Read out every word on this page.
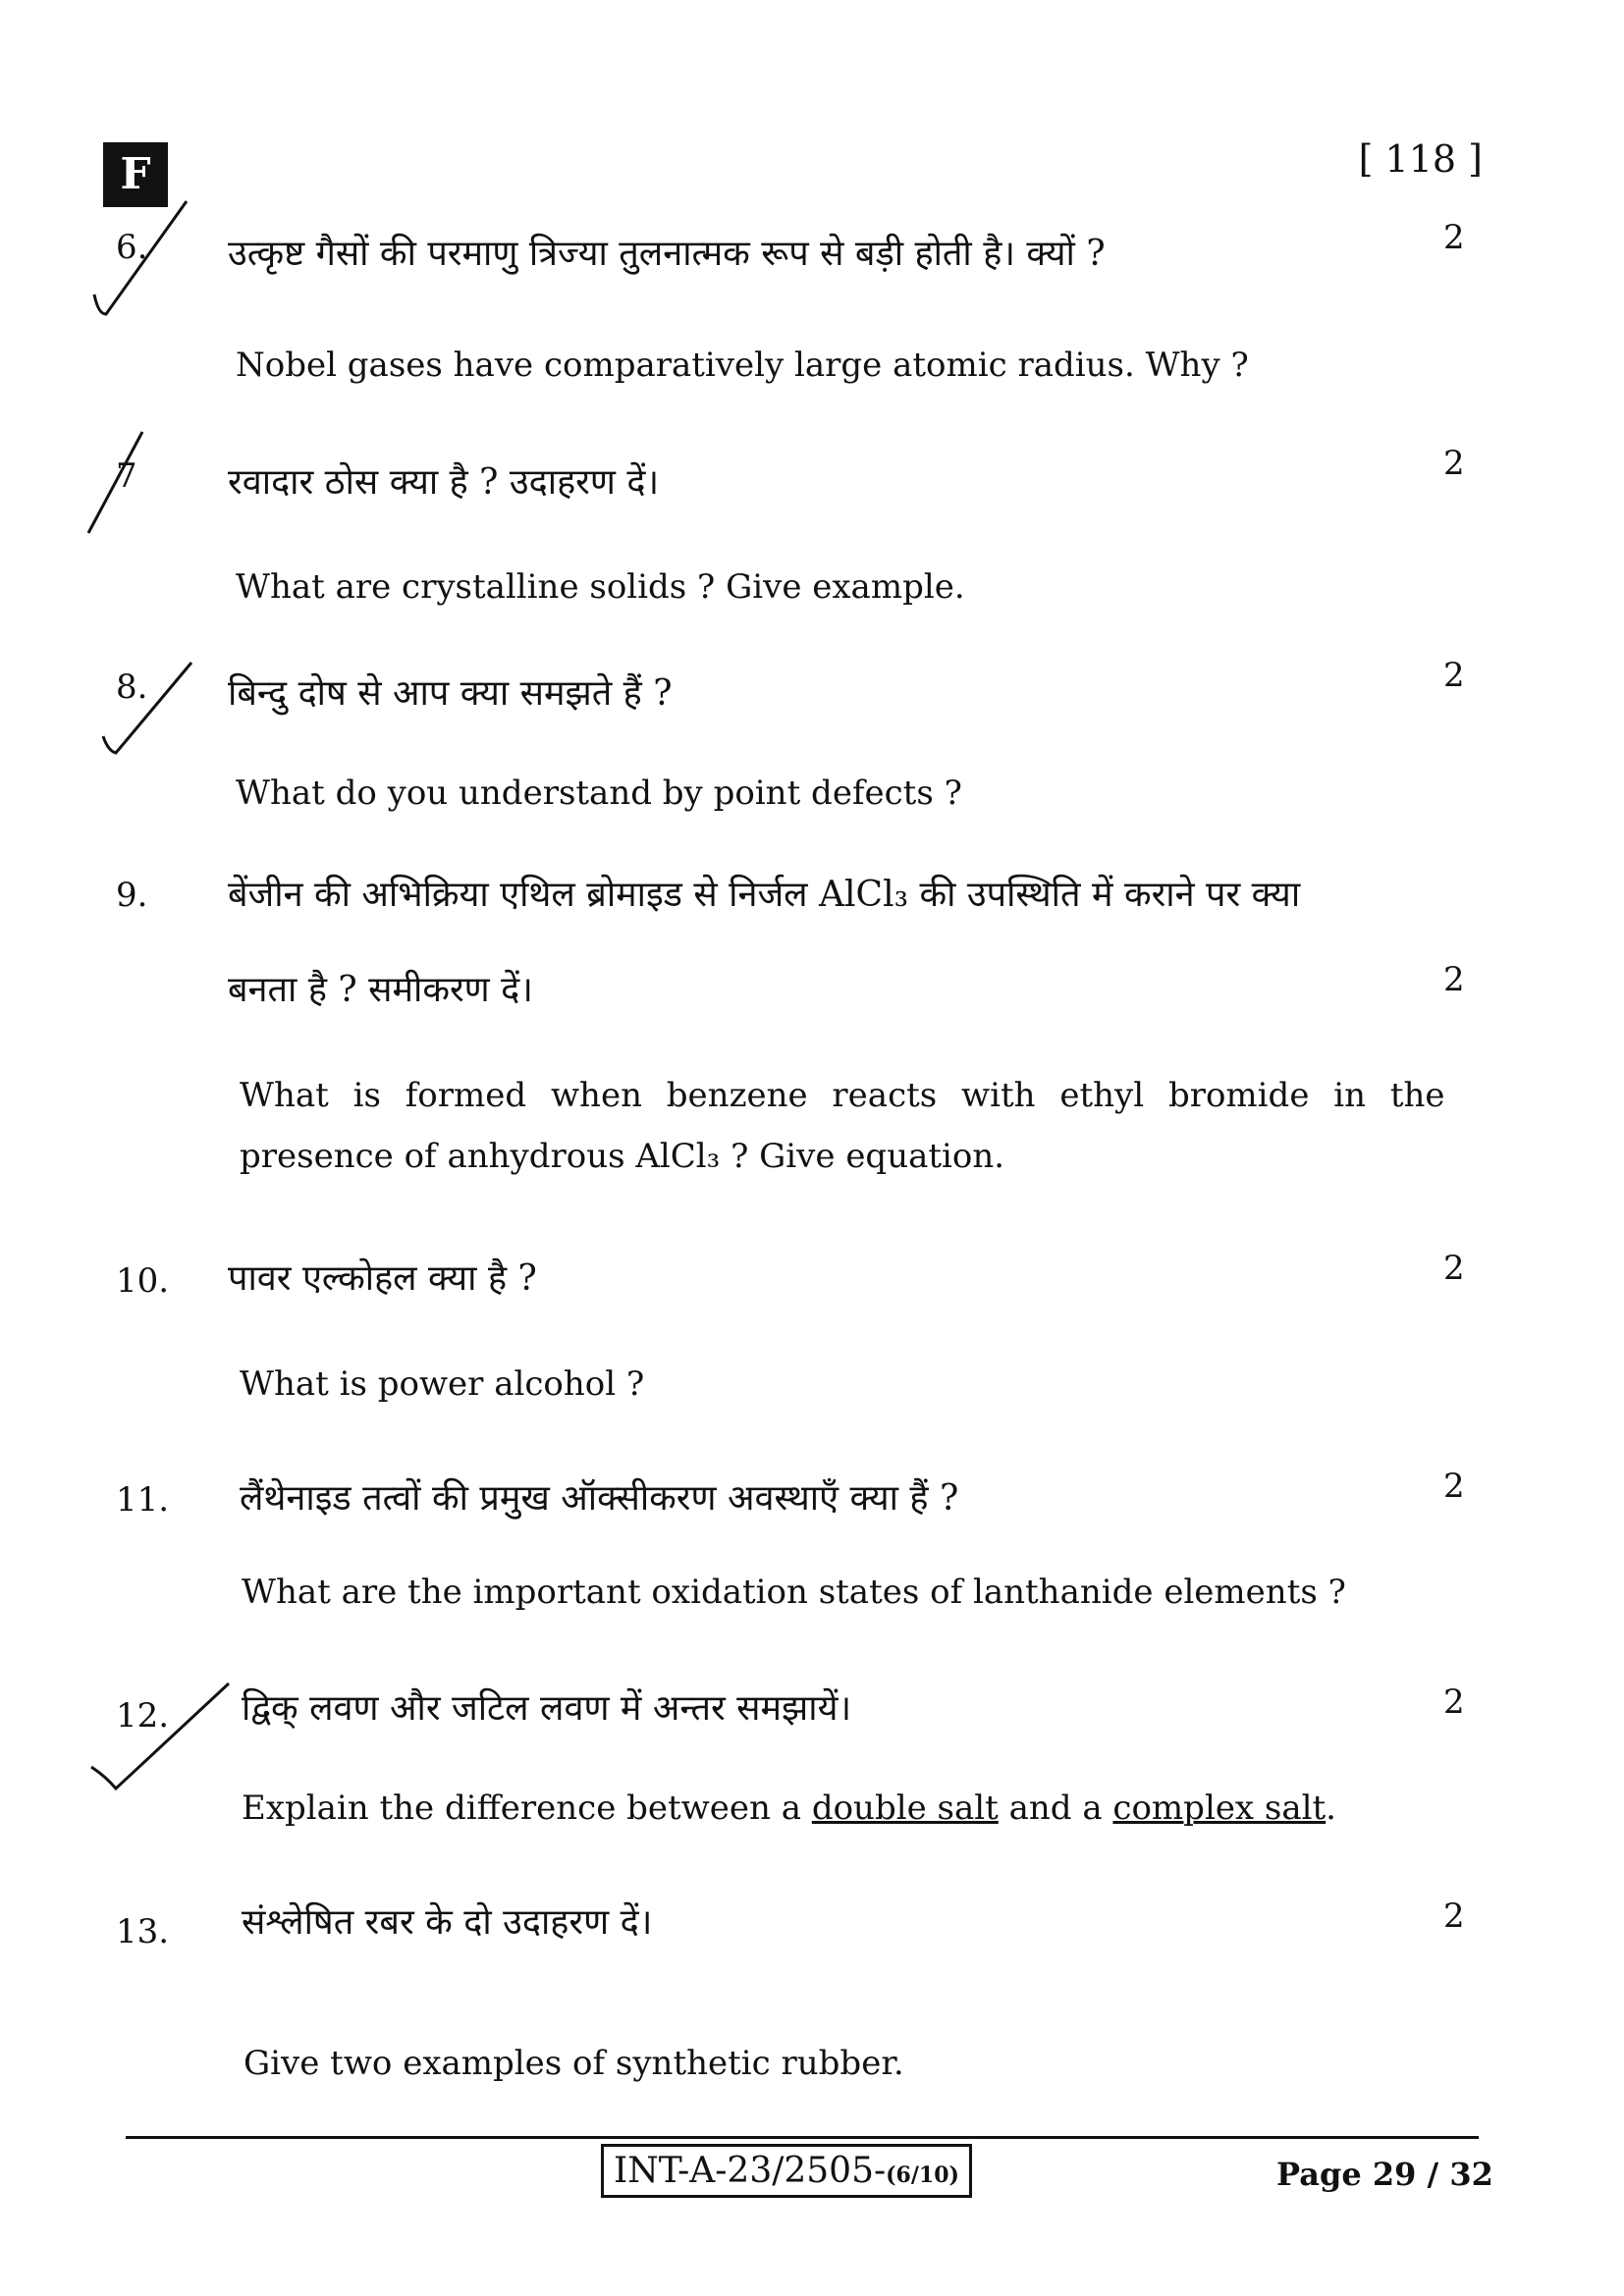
F	[ 118 ]
6. उत्कृष्ट गैसों की परमाणु त्रिज्या तुलनात्मक रूप से बड़ी होती है। क्यों ?	2
Nobel gases have comparatively large atomic radius. Why ?
7	रवादार ठोस क्या है ? उदाहरण दें।	2
What are crystalline solids ? Give example.
8. बिन्दु दोष से आप क्या समझते हैं ?	2
What do you understand by point defects ?
9. बेंजीन की अभिक्रिया एथिल ब्रोमाइड से निर्जल AlCl₃ की उपस्थिति में कराने पर क्या
बनता है ? समीकरण दें।	2
What is formed when benzene reacts with ethyl bromide in the
presence of anhydrous AlCl₃ ? Give equation.
10. पावर एल्कोहल क्या है ?	2
What is power alcohol ?
11. लैंथेनाइड तत्वों की प्रमुख ऑक्सीकरण अवस्थाएँ क्या हैं ?	2
What are the important oxidation states of lanthanide elements ?
12. द्विक् लवण और जटिल लवण में अन्तर समझायें।	2
Explain the difference between a double salt and a complex salt.
13. संश्लेषित रबर के दो उदाहरण दें।	2
Give two examples of synthetic rubber.
INT-A-23/2505-(6/10)	Page 29 / 32
